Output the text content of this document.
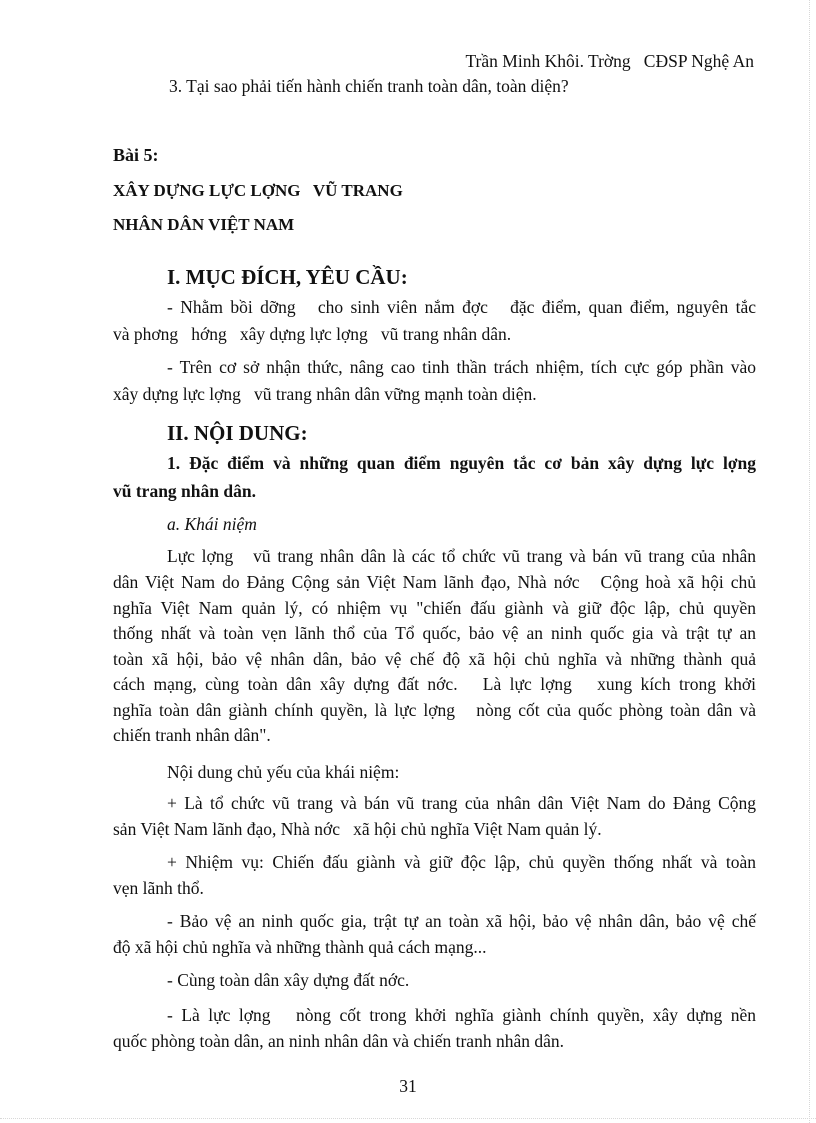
Trần Minh Khôi. Trờng   CĐSP Nghệ An
3. Tại sao phải tiến hành chiến tranh toàn dân, toàn diện?
Bài 5:
XÂY DỰNG LỰC LỢNG   VŨ TRANG
NHÂN DÂN VIỆT NAM
I. MỤC ĐÍCH, YÊU CẦU:
- Nhằm bồi dỡng   cho sinh viên nắm đợc   đặc điểm, quan điểm, nguyên tắc
và phơng   hớng   xây dựng lực lợng   vũ trang nhân dân.
- Trên cơ sở nhận thức, nâng cao tinh thần trách nhiệm, tích cực góp phần vào
xây dựng lực lợng   vũ trang nhân dân vững mạnh toàn diện.
II. NỘI DUNG:
1. Đặc điểm và những quan điểm nguyên tắc cơ bản xây dựng lực lợng
vũ trang nhân dân.
a. Khái niệm
Lực lợng   vũ trang nhân dân là các tổ chức vũ trang và bán vũ trang của nhân
dân Việt Nam do Đảng Cộng sản Việt Nam lãnh đạo, Nhà nớc   Cộng hoà xã hội chủ
nghĩa Việt Nam quản lý, có nhiệm vụ "chiến đấu giành và giữ độc lập, chủ quyền
thống nhất và toàn vẹn lãnh thổ của Tổ quốc, bảo vệ an ninh quốc gia và trật tự an
toàn xã hội, bảo vệ nhân dân, bảo vệ chế độ xã hội chủ nghĩa và những thành quả
cách mạng, cùng toàn dân xây dựng đất nớc.   Là lực lợng   xung kích trong khởi
nghĩa toàn dân giành chính quyền, là lực lợng   nòng cốt của quốc phòng toàn dân và
chiến tranh nhân dân".
Nội dung chủ yếu của khái niệm:
+ Là tổ chức vũ trang và bán vũ trang của nhân dân Việt Nam do Đảng Cộng
sản Việt Nam lãnh đạo, Nhà nớc   xã hội chủ nghĩa Việt Nam quản lý.
+ Nhiệm vụ: Chiến đấu giành và giữ độc lập, chủ quyền thống nhất và toàn
vẹn lãnh thổ.
- Bảo vệ an ninh quốc gia, trật tự an toàn xã hội, bảo vệ nhân dân, bảo vệ chế
độ xã hội chủ nghĩa và những thành quả cách mạng...
- Cùng toàn dân xây dựng đất nớc.
- Là lực lợng   nòng cốt trong khởi nghĩa giành chính quyền, xây dựng nền
quốc phòng toàn dân, an ninh nhân dân và chiến tranh nhân dân.
31
